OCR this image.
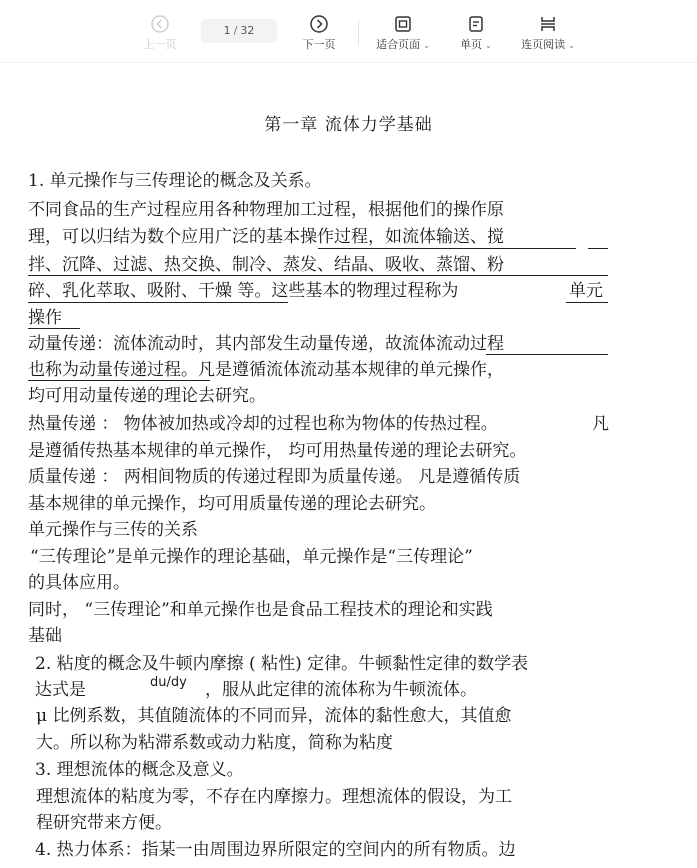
上一页
1 / 32
下一页	适合页面 ⌄	单页 ⌄	连页阅读 ⌄
第一章 流体力学基础
1. 单元操作与三传理论的概念及关系。
不同食品的生产过程应用各种物理加工过程，根据他们的操作原
理，可以归结为数个应用广泛的基本操作过程，如流体输送、搅
拌、沉降、过滤、热交换、制冷、蒸发、结晶、吸收、蒸馏、粉
碎、乳化萃取、吸附、干燥 等。这些基本的物理过程称为	单元
操作
动量传递：流体流动时，其内部发生动量传递，故流体流动过程
也称为动量传递过程。凡是遵循流体流动基本规律的单元操作，
均可用动量传递的理论去研究。
热量传递 ： 物体被加热或冷却的过程也称为物体的传热过程。	凡
是遵循传热基本规律的单元操作， 均可用热量传递的理论去研究。
质量传递 ： 两相间物质的传递过程即为质量传递。 凡是遵循传质
基本规律的单元操作，均可用质量传递的理论去研究。
单元操作与三传的关系
“三传理论”是单元操作的理论基础，单元操作是“三传理论”
的具体应用。
同时， “三传理论”和单元操作也是食品工程技术的理论和实践
基础
2. 粘度的概念及牛顿内摩擦 ( 粘性) 定律。牛顿黏性定律的数学表
达式是	du/dy ，服从此定律的流体称为牛顿流体。
μ 比例系数，其值随流体的不同而异，流体的黏性愈大，其值愈
大。所以称为粘滞系数或动力粘度，简称为粘度
3. 理想流体的概念及意义。
理想流体的粘度为零，不存在内摩擦力。理想流体的假设，为工
程研究带来方便。
4. 热力体系：指某一由周围边界所限定的空间内的所有物质。边
